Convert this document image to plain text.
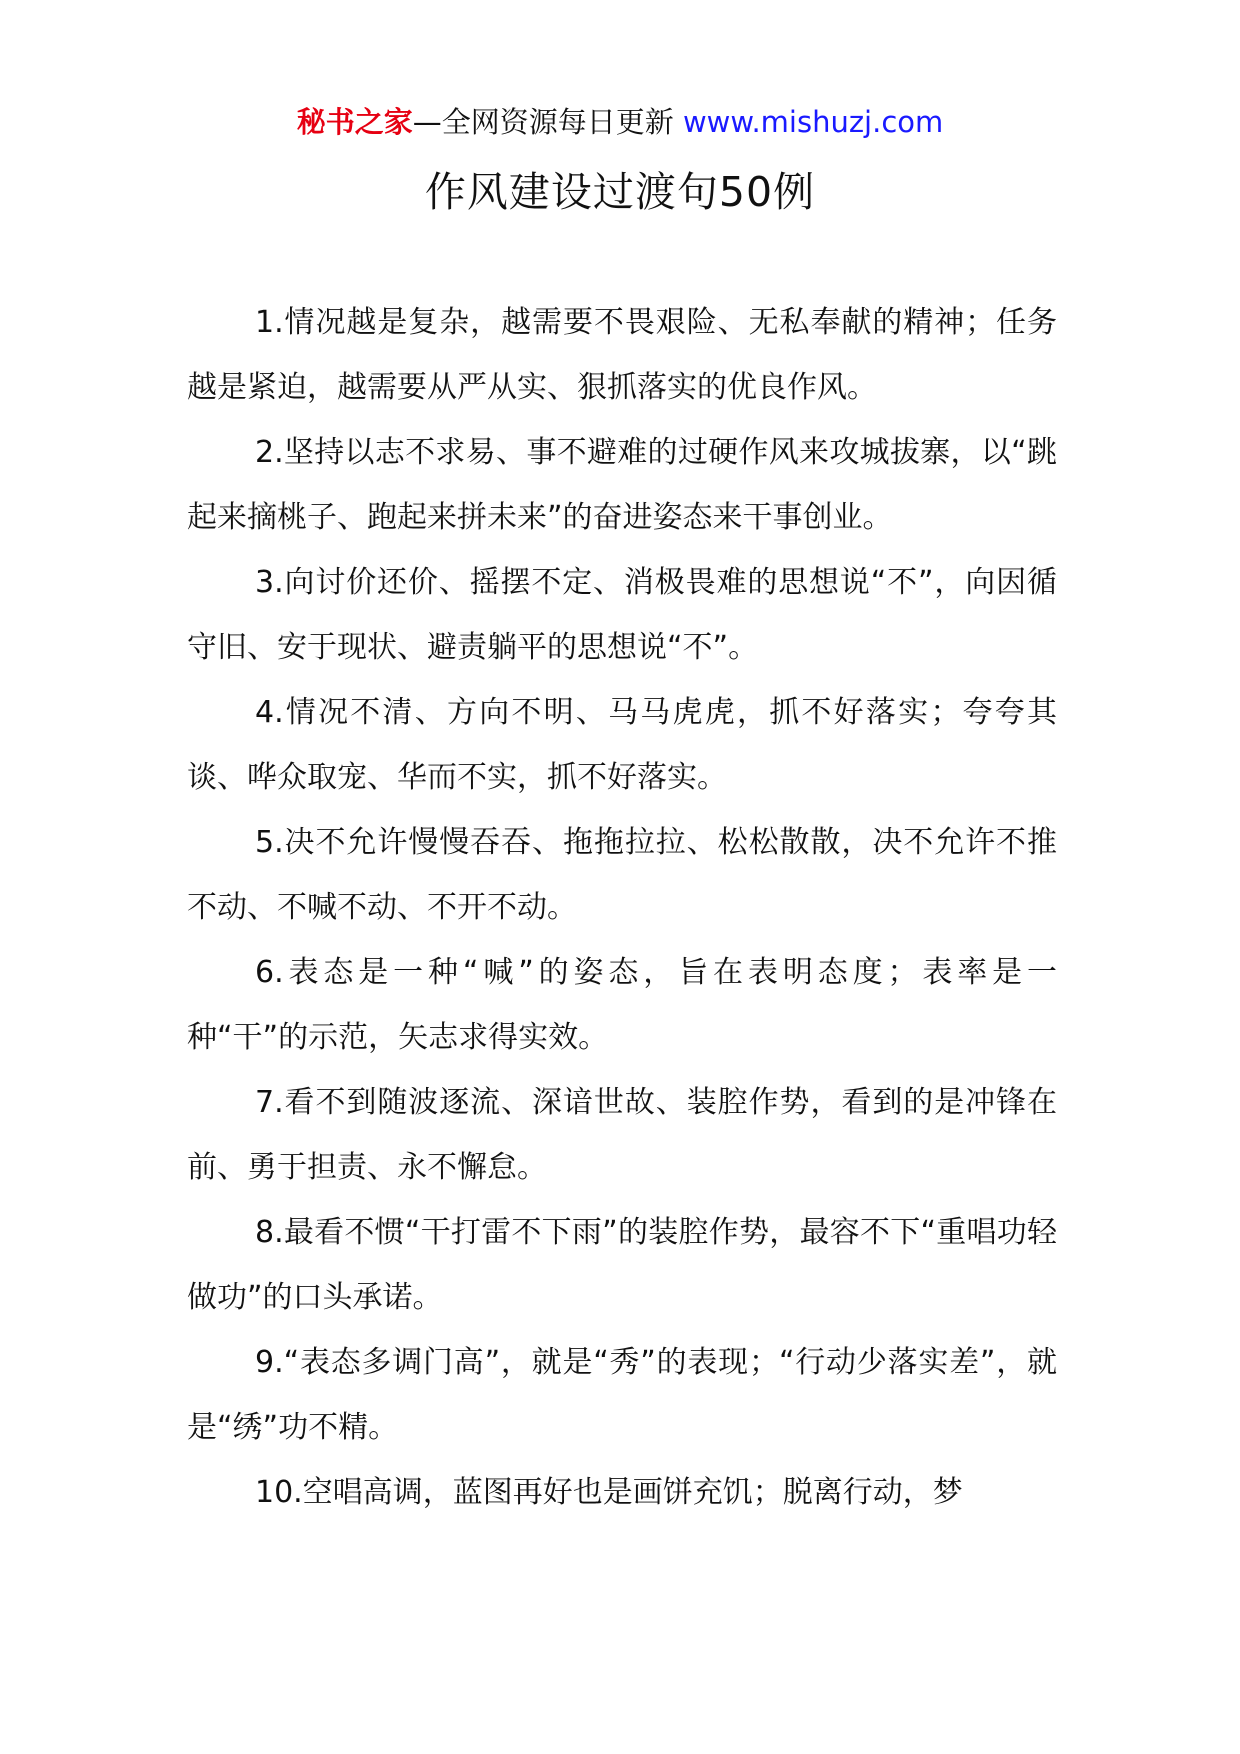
秘书之家—全网资源每日更新 www.mishuzj.com
作风建设过渡句50例

1.情况越是复杂，越需要不畏艰险、无私奉献的精神；任务越是紧迫，越需要从严从实、狠抓落实的优良作风。

2.坚持以志不求易、事不避难的过硬作风来攻城拔寨，以“跳起来摘桃子、跑起来拼未来”的奋进姿态来干事创业。

3.向讨价还价、摇摆不定、消极畏难的思想说“不”，向因循守旧、安于现状、避责躺平的思想说“不”。

4.情况不清、方向不明、马马虎虎，抓不好落实；夸夸其谈、哗众取宠、华而不实，抓不好落实。

5.决不允许慢慢吞吞、拖拖拉拉、松松散散，决不允许不推不动、不喊不动、不开不动。

6.表态是一种“喊”的姿态，旨在表明态度；表率是一种“干”的示范，矢志求得实效。

7.看不到随波逐流、深谙世故、装腔作势，看到的是冲锋在前、勇于担责、永不懈怠。

8.最看不惯“干打雷不下雨”的装腔作势，最容不下“重唱功轻做功”的口头承诺。

9.“表态多调门高”，就是“秀”的表现；“行动少落实差”，就是“绣”功不精。

10.空唱高调，蓝图再好也是画饼充饥；脱离行动，梦
